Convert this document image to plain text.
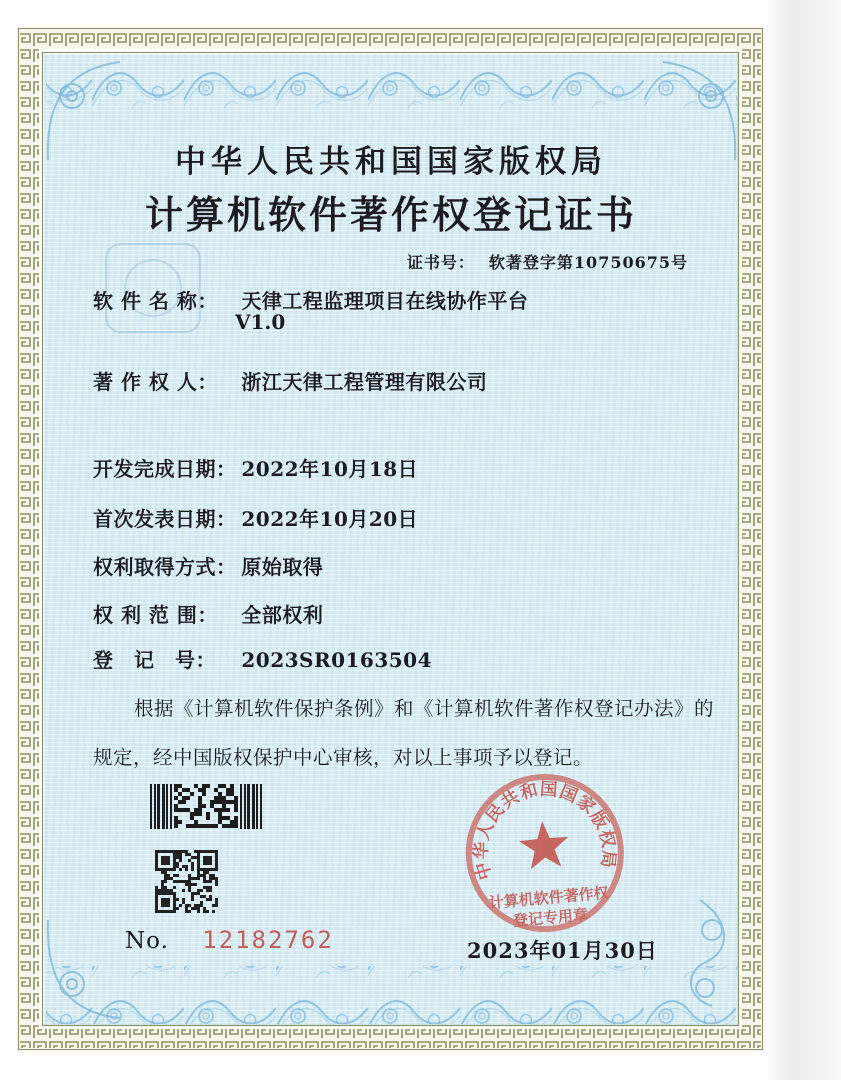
中华人民共和国国家版权局
计算机软件著作权登记证书
证书号： 软著登字第10750675号
软 件 名 称： 天律工程监理项目在线协作平台
V1.0
著 作 权 人： 浙江天律工程管理有限公司
开发完成日期： 2022年10月18日
首次发表日期： 2022年10月20日
权利取得方式： 原始取得
权 利 范 围： 全部权利
登　记　号： 2023SR0163504
根据《计算机软件保护条例》和《计算机软件著作权登记办法》的
规定，经中国版权保护中心审核，对以上事项予以登记。
No. 12182762	2023年01月30日
中华人民共和国国家版权局
计算机软件著作权
登记专用章
